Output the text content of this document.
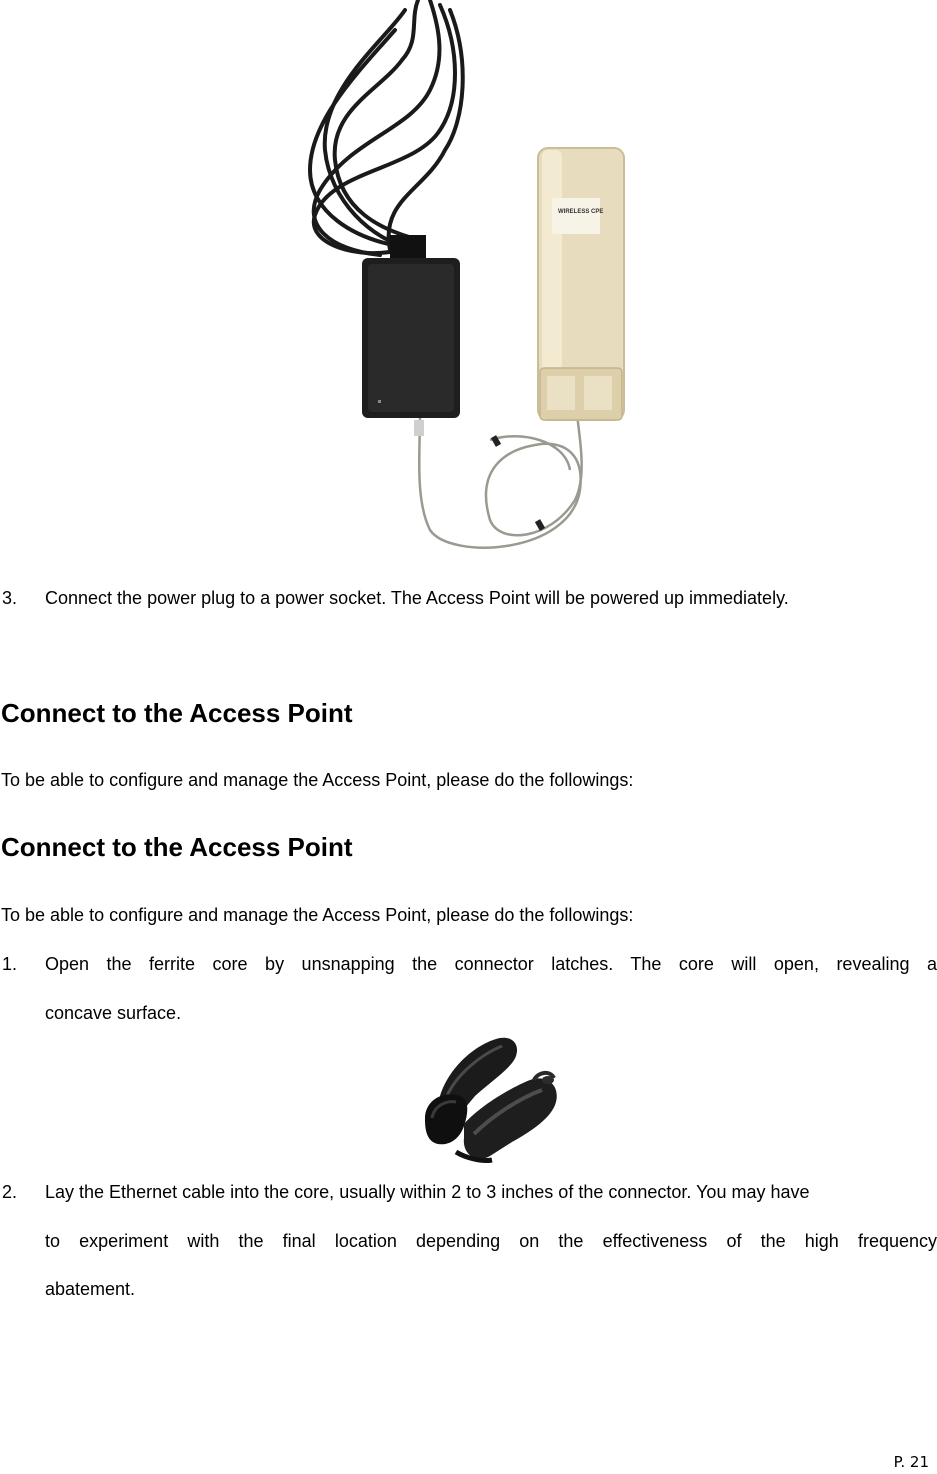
WIRELESS CPE
3. Connect the power plug to a power socket. The Access Point will be powered up immediately.
Connect to the Access Point
To be able to configure and manage the Access Point, please do the followings:
Connect to the Access Point
To be able to configure and manage the Access Point, please do the followings:
1. Open the ferrite core by unsnapping the connector latches. The core will open, revealing a
concave surface.
2. Lay the Ethernet cable into the core, usually within 2 to 3 inches of the connector. You may have
to experiment with the final location depending on the effectiveness of the high frequency
abatement.
P. 21
